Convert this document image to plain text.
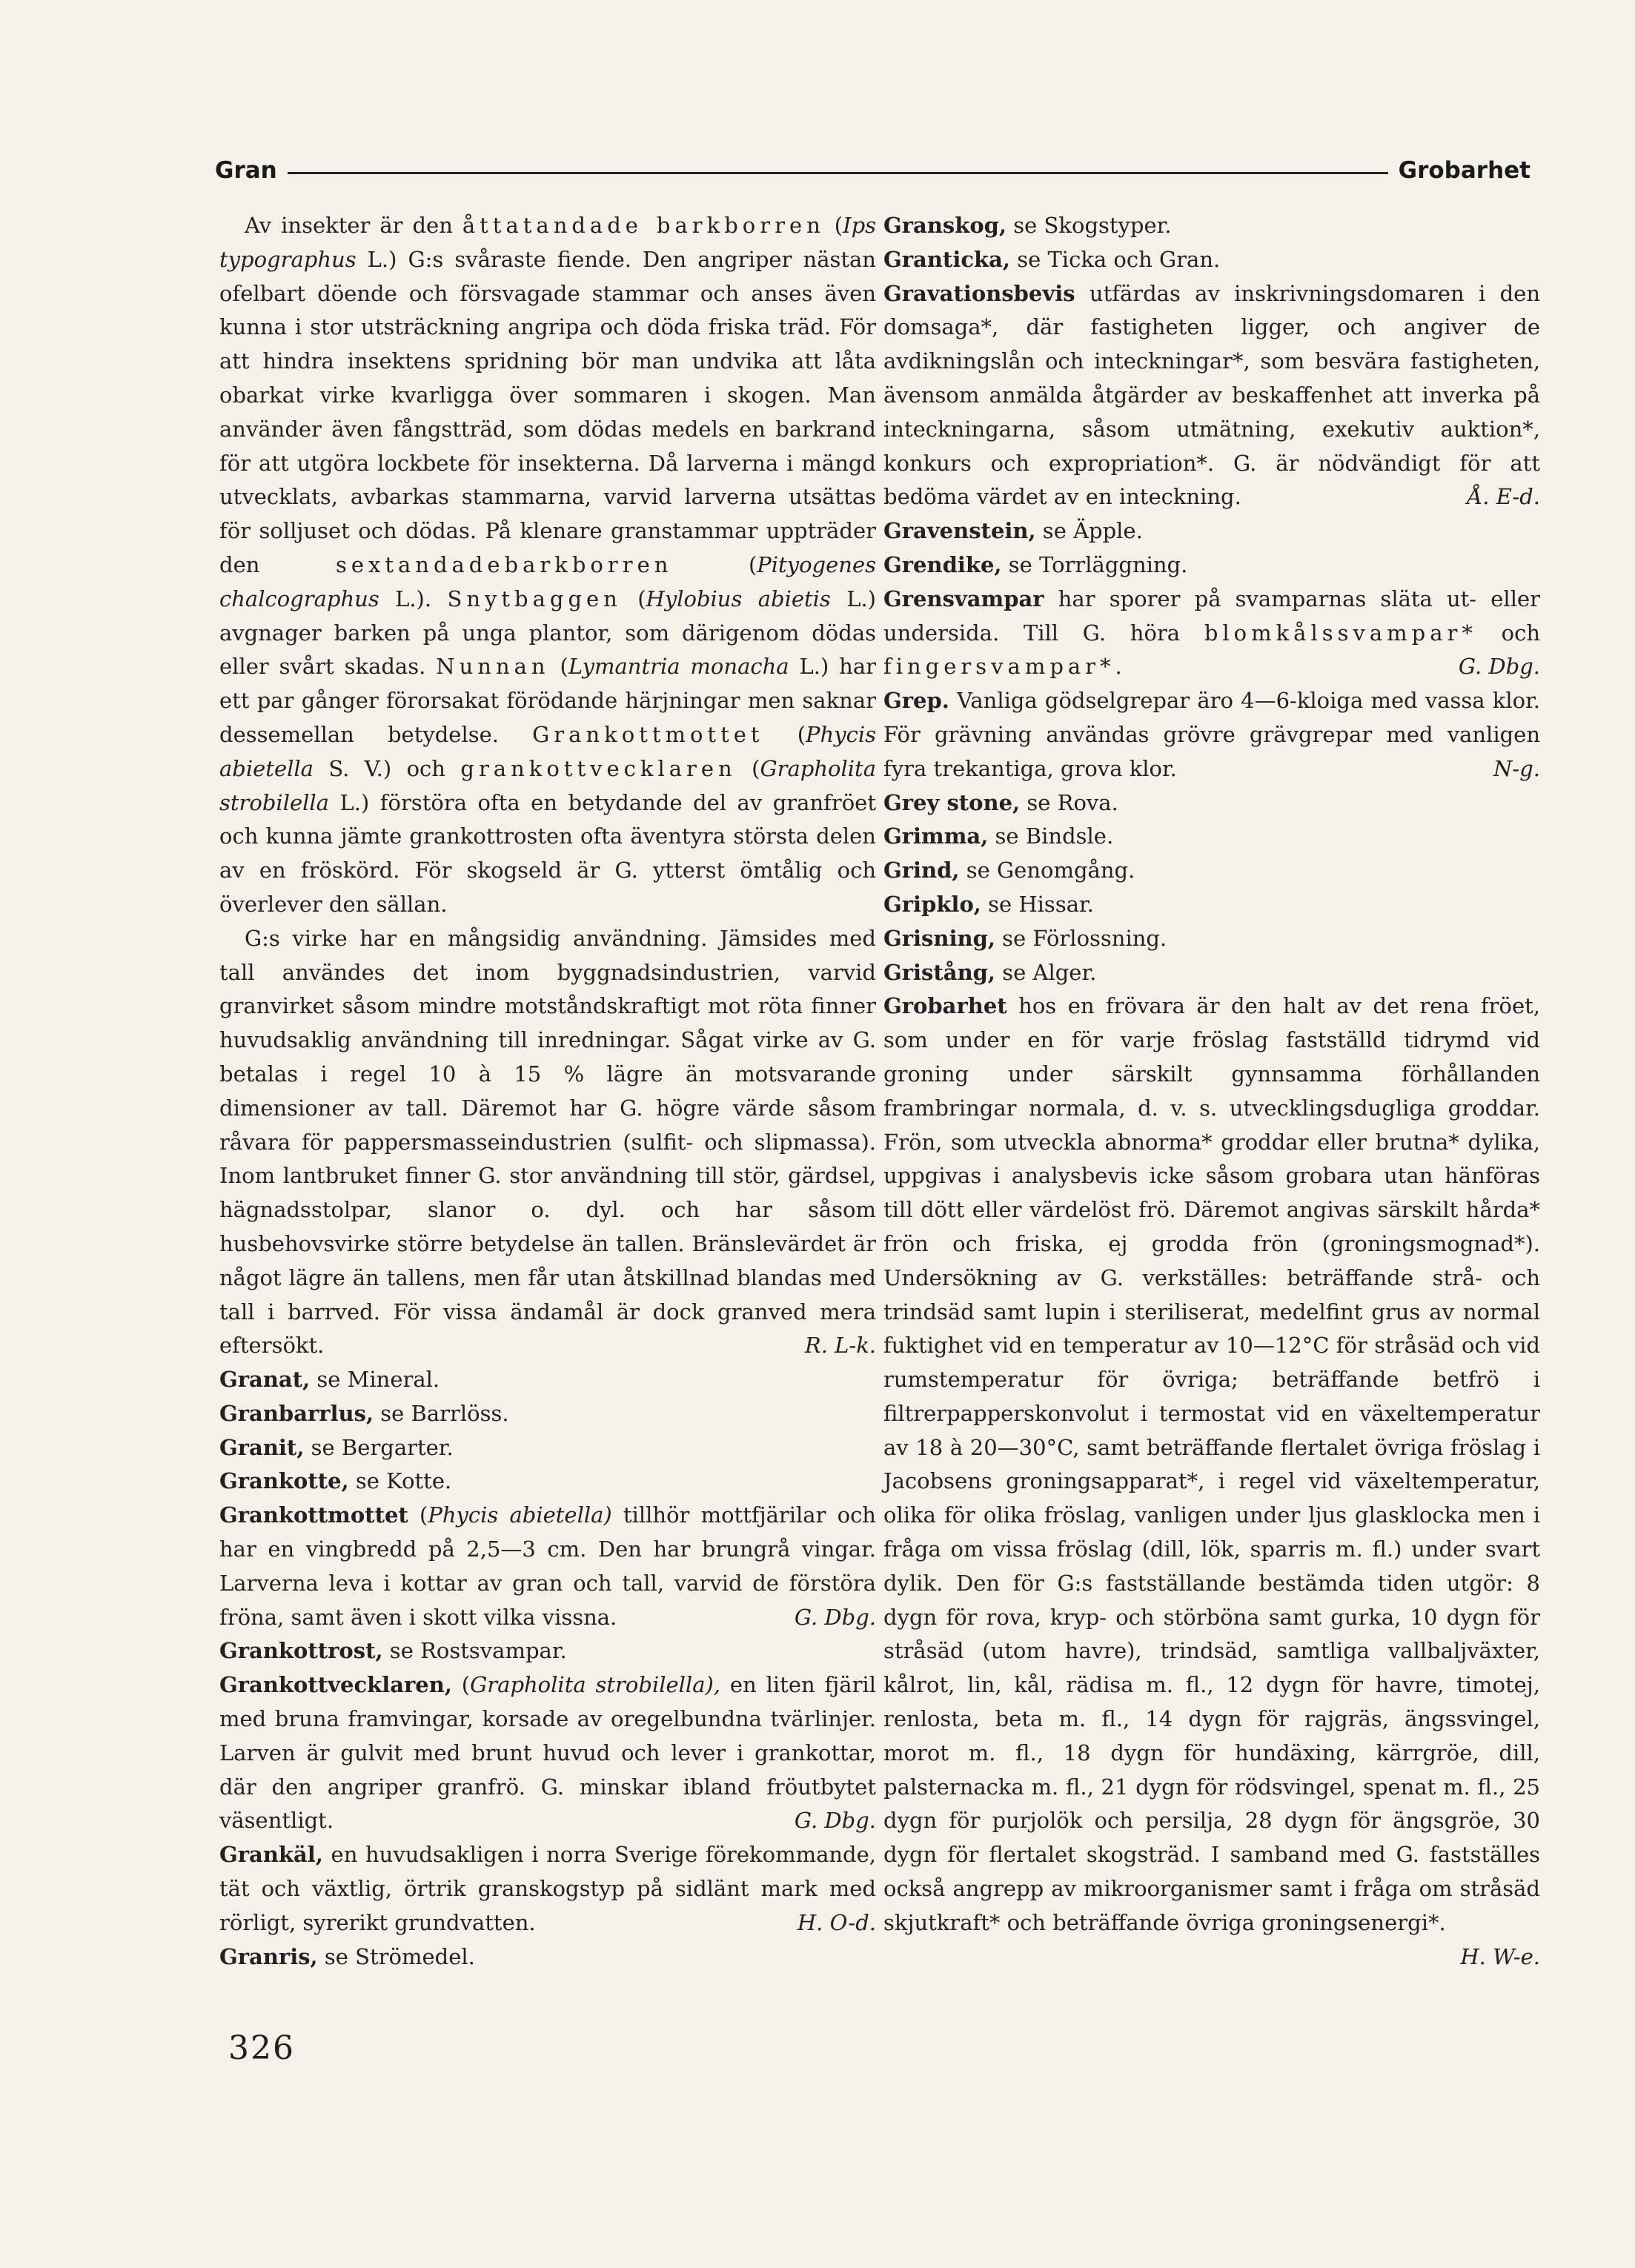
Gran	Grobarhet

Av insekter är den åttatandade barkborren (Ips typographus L.) G:s svåraste fiende. Den angriper nästan ofelbart döende och försvagade stammar och anses även kunna i stor utsträckning angripa och döda friska träd. För att hindra insektens spridning bör man undvika att låta obarkat virke kvarligga över sommaren i skogen. Man använder även fångstträd, som dödas medels en barkrand för att utgöra lockbete för insekterna. Då larverna i mängd utvecklats, avbarkas stammarna, varvid larverna utsättas för solljuset och dödas. På klenare granstammar uppträder den sextandadebarkborren (Pityogenes chalcographus L.). Snytbaggen (Hylobius abietis L.) avgnager barken på unga plantor, som därigenom dödas eller svårt skadas. Nunnan (Lymantria monacha L.) har ett par gånger förorsakat förödande härjningar men saknar dessemellan betydelse. Grankottmottet (Phycis abietella S. V.) och grankottvecklaren (Grapholita strobilella L.) förstöra ofta en betydande del av granfröet och kunna jämte grankottrosten ofta äventyra största delen av en fröskörd. För skogseld är G. ytterst ömtålig och överlever den sällan.

G:s virke har en mångsidig användning. Jämsides med tall användes det inom byggnadsindustrien, varvid granvirket såsom mindre motståndskraftigt mot röta finner huvudsaklig användning till inredningar. Sågat virke av G. betalas i regel 10 à 15 % lägre än motsvarande dimensioner av tall. Däremot har G. högre värde såsom råvara för pappersmasseindustrien (sulfit- och slipmassa). Inom lantbruket finner G. stor användning till stör, gärdsel, hägnadsstolpar, slanor o. dyl. och har såsom husbehovsvirke större betydelse än tallen. Bränslevärdet är något lägre än tallens, men får utan åtskillnad blandas med tall i barrved. För vissa ändamål är dock granved mera eftersökt.	R. L-k.

Granat, se Mineral.

Granbarrlus, se Barrlöss.

Granit, se Bergarter.

Grankotte, se Kotte.

Grankottmottet (Phycis abietella) tillhör mottfjärilar och har en vingbredd på 2,5—3 cm. Den har brungrå vingar. Larverna leva i kottar av gran och tall, varvid de förstöra fröna, samt även i skott vilka vissna.	G. Dbg.

Grankottrost, se Rostsvampar.

Grankottvecklaren, (Grapholita strobilella), en liten fjäril med bruna framvingar, korsade av oregelbundna tvärlinjer. Larven är gulvit med brunt huvud och lever i grankottar, där den angriper granfrö. G. minskar ibland fröutbytet väsentligt.	G. Dbg.

Grankäl, en huvudsakligen i norra Sverige förekommande, tät och växtlig, örtrik granskogstyp på sidlänt mark med rörligt, syrerikt grundvatten.	H. O-d.

Granris, se Strömedel.

Granskog, se Skogstyper.

Granticka, se Ticka och Gran.

Gravationsbevis utfärdas av inskrivningsdomaren i den domsaga*, där fastigheten ligger, och angiver de avdikningslån och inteckningar*, som besvära fastigheten, ävensom anmälda åtgärder av beskaffenhet att inverka på inteckningarna, såsom utmätning, exekutiv auktion*, konkurs och expropriation*. G. är nödvändigt för att bedöma värdet av en inteckning.	Å. E-d.

Gravenstein, se Äpple.

Grendike, se Torrläggning.

Grensvampar har sporer på svamparnas släta ut- eller undersida. Till G. höra blomkålssvampar* och fingersvampar*.	G. Dbg.

Grep. Vanliga gödselgrepar äro 4—6-kloiga med vassa klor. För grävning användas grövre grävgrepar med vanligen fyra trekantiga, grova klor.	N-g.

Grey stone, se Rova.

Grimma, se Bindsle.

Grind, se Genomgång.

Gripklo, se Hissar.

Grisning, se Förlossning.

Gristång, se Alger.

Grobarhet hos en frövara är den halt av det rena fröet, som under en för varje fröslag fastställd tidrymd vid groning under särskilt gynnsamma förhållanden frambringar normala, d. v. s. utvecklingsdugliga groddar. Frön, som utveckla abnorma* groddar eller brutna* dylika, uppgivas i analysbevis icke såsom grobara utan hänföras till dött eller värdelöst frö. Däremot angivas särskilt hårda* frön och friska, ej grodda frön (groningsmognad*). Undersökning av G. verkställes: beträffande strå- och trindsäd samt lupin i steriliserat, medelfint grus av normal fuktighet vid en temperatur av 10—12°C för stråsäd och vid rumstemperatur för övriga; beträffande betfrö i filtrerpapperskonvolut i termostat vid en växeltemperatur av 18 à 20—30°C, samt beträffande flertalet övriga fröslag i Jacobsens groningsapparat*, i regel vid växeltemperatur, olika för olika fröslag, vanligen under ljus glasklocka men i fråga om vissa fröslag (dill, lök, sparris m. fl.) under svart dylik. Den för G:s fastställande bestämda tiden utgör: 8 dygn för rova, kryp- och störböna samt gurka, 10 dygn för stråsäd (utom havre), trindsäd, samtliga vallbaljväxter, kålrot, lin, kål, rädisa m. fl., 12 dygn för havre, timotej, renlosta, beta m. fl., 14 dygn för rajgräs, ängssvingel, morot m. fl., 18 dygn för hundäxing, kärrgröe, dill, palsternacka m. fl., 21 dygn för rödsvingel, spenat m. fl., 25 dygn för purjolök och persilja, 28 dygn för ängsgröe, 30 dygn för flertalet skogsträd. I samband med G. fastställes också angrepp av mikroorganismer samt i fråga om stråsäd skjutkraft* och beträffande övriga groningsenergi*.
H. W-e.

326
